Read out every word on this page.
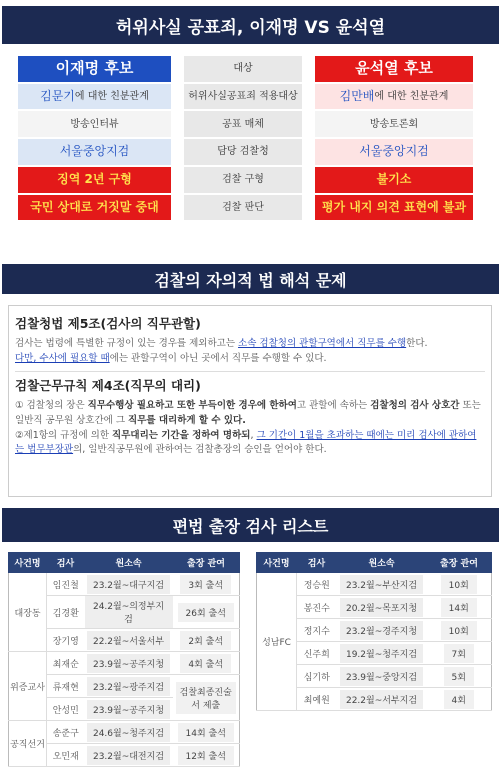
허위사실 공표죄, 이재명 VS 윤석열
이재명 후보	대상	윤석열 후보
김문기 에 대한 친분관계	허위사실공표죄 적용대상	김만배 에 대한 친분관계
방송인터뷰	공표 매체	방송토론회
서울중앙지검	담당 검찰청	서울중앙지검
징역 2년 구형	검찰 구형	불기소
국민 상대로 거짓말 중대	검찰 판단	평가 내지 의견 표현에 불과
검찰의 자의적 법 해석 문제
검찰청법 제5조(검사의 직무관할)
검사는 법령에 특별한 규정이 있는 경우를 제외하고는 소속 검찰청의 관할구역에서 직무를 수행한다.
다만, 수사에 필요할 때에는 관할구역이 아닌 곳에서 직무를 수행할 수 있다.
검찰근무규칙 제4조(직무의 대리)
① 검찰청의 장은 직무수행상 필요하고 또한 부득이한 경우에 한하여고 관할에 속하는 검찰청의 검사 상호간 또는 일반직 공무원 상호간에 그 직무를 대리하게 할 수 있다.
②제1항의 규정에 의한 직무대리는 기간을 정하여 명하되, 그 기간이 1월을 초과하는 때에는 미리 검사에 관하여는 법무부장관의, 일반직공무원에 관하여는 검찰총장의 승인을 얻어야 한다.
편법 출장 검사 리스트
사건명	검사	원소속	출장 관여
대장동	임진철	23.2월~대구지검	3회 출석
	김경환	24.2월~의정부지검	26회 출석
	장기영	22.2월~서울서부	2회 출석
위증교사	최재순	23.9월~공주지청	4회 출석
	류재현	23.2월~광주지검	검찰최종진술서 제출
	안성민	23.9월~공주지청	
공직선거	송준구	24.6월~청주지검	14회 출석
	오민재	23.2월~대전지검	12회 출석
사건명	검사	원소속	출장 관여
성남FC	정승원	23.2월~부산지검	10회
	봉진수	20.2월~목포지청	14회
	정지수	23.2월~경주지청	10회
	신주희	19.2월~청주지검	7회
	심기하	23.9월~중앙지검	5회
	최예원	22.2월~서부지검	4회
